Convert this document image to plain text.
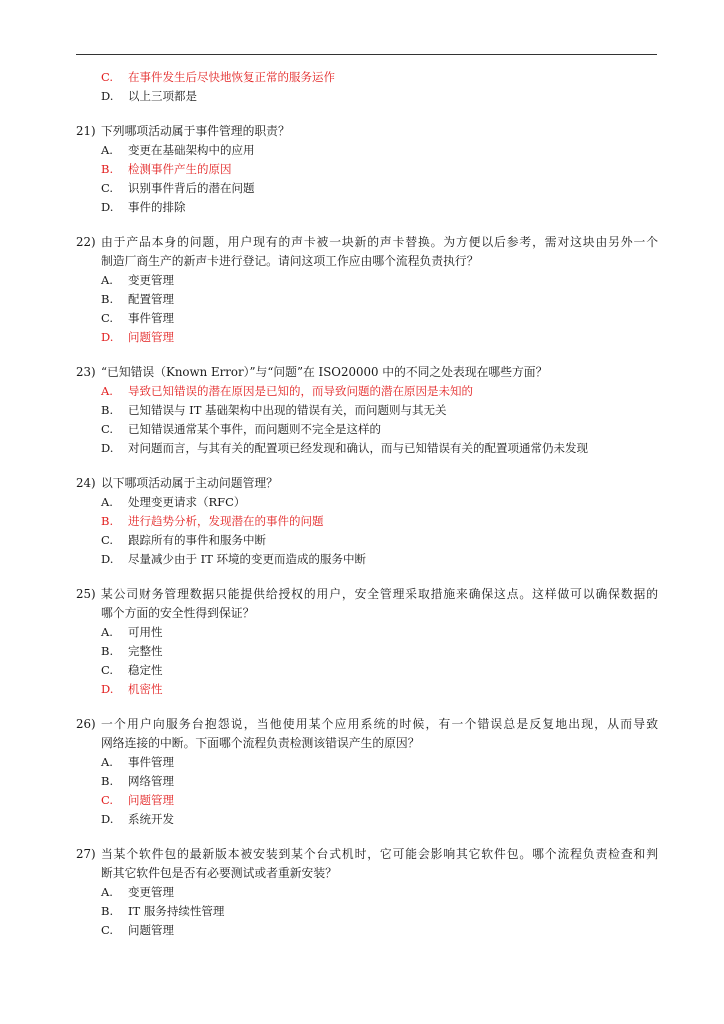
C.	在事件发生后尽快地恢复正常的服务运作
D.	以上三项都是
21) 下列哪项活动属于事件管理的职责？
A.	变更在基础架构中的应用
B.	检测事件产生的原因
C.	识别事件背后的潜在问题
D.	事件的排除
22) 由于产品本身的问题，用户现有的声卡被一块新的声卡替换。为方便以后参考，需对这块由另外一个
制造厂商生产的新声卡进行登记。请问这项工作应由哪个流程负责执行？
A.	变更管理
B.	配置管理
C.	事件管理
D.	问题管理
23) “已知错误（Known Error）”与“问题”在 ISO20000 中的不同之处表现在哪些方面？
A.	导致已知错误的潜在原因是已知的，而导致问题的潜在原因是未知的
B.	已知错误与 IT 基础架构中出现的错误有关，而问题则与其无关
C.	已知错误通常某个事件，而问题则不完全是这样的
D.	对问题而言，与其有关的配置项已经发现和确认，而与已知错误有关的配置项通常仍未发现
24) 以下哪项活动属于主动问题管理？
A.	处理变更请求（RFC）
B.	进行趋势分析，发现潜在的事件的问题
C.	跟踪所有的事件和服务中断
D.	尽量减少由于 IT 环境的变更而造成的服务中断
25) 某公司财务管理数据只能提供给授权的用户，安全管理采取措施来确保这点。这样做可以确保数据的
哪个方面的安全性得到保证？
A.	可用性
B.	完整性
C.	稳定性
D.	机密性
26) 一个用户向服务台抱怨说，当他使用某个应用系统的时候，有一个错误总是反复地出现，从而导致
网络连接的中断。下面哪个流程负责检测该错误产生的原因？
A.	事件管理
B.	网络管理
C.	问题管理
D.	系统开发
27) 当某个软件包的最新版本被安装到某个台式机时，它可能会影响其它软件包。哪个流程负责检查和判
断其它软件包是否有必要测试或者重新安装？
A.	变更管理
B.	IT 服务持续性管理
C.	问题管理
